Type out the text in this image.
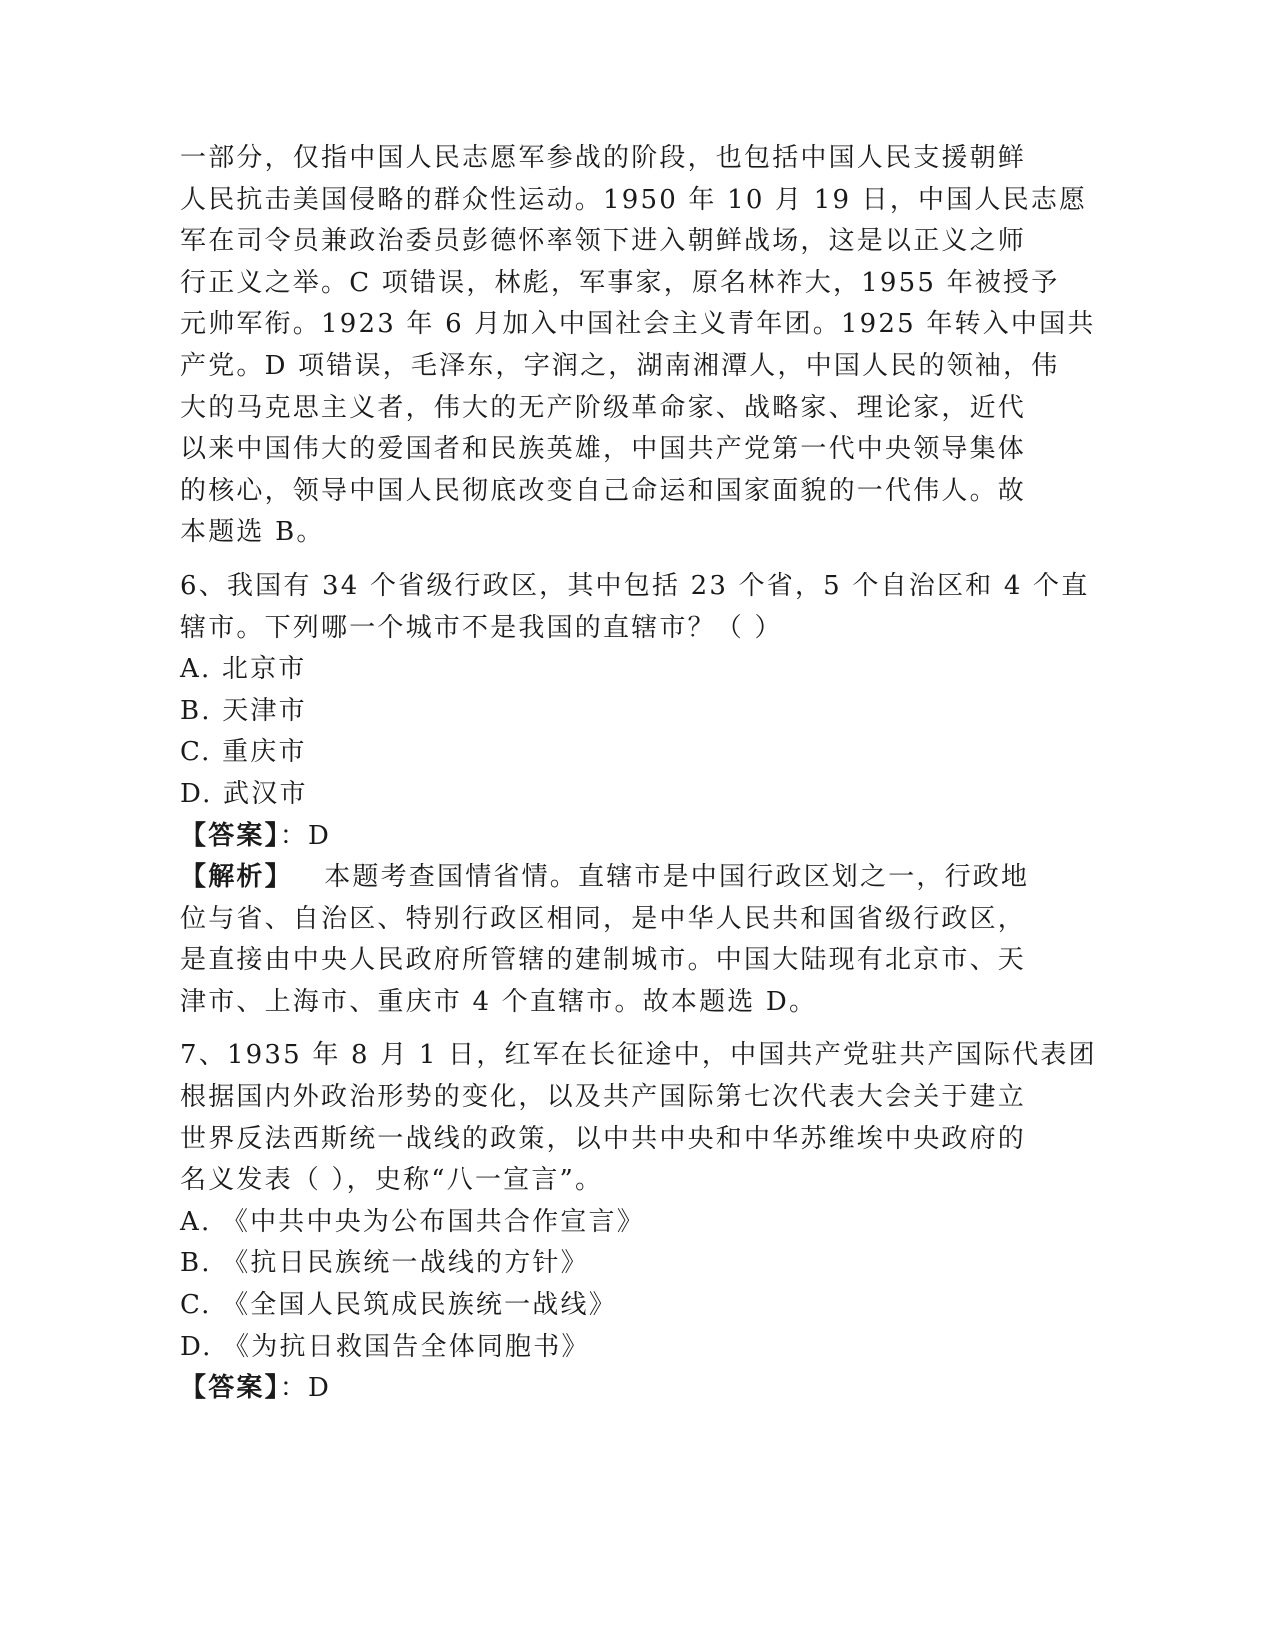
一部分，仅指中国人民志愿军参战的阶段，也包括中国人民支援朝鲜
人民抗击美国侵略的群众性运动。1950 年 10 月 19 日，中国人民志愿
军在司令员兼政治委员彭德怀率领下进入朝鲜战场，这是以正义之师
行正义之举。C 项错误，林彪，军事家，原名林祚大，1955 年被授予
元帅军衔。1923 年 6 月加入中国社会主义青年团。1925 年转入中国共
产党。D 项错误，毛泽东，字润之，湖南湘潭人，中国人民的领袖，伟
大的马克思主义者，伟大的无产阶级革命家、战略家、理论家，近代
以来中国伟大的爱国者和民族英雄，中国共产党第一代中央领导集体
的核心，领导中国人民彻底改变自己命运和国家面貌的一代伟人。故
本题选 B。
6、我国有 34 个省级行政区，其中包括 23 个省，5 个自治区和 4 个直
辖市。下列哪一个城市不是我国的直辖市？（ ）
A. 北京市
B. 天津市
C. 重庆市
D. 武汉市
【答案】：D
【解析】   本题考查国情省情。直辖市是中国行政区划之一，行政地
位与省、自治区、特别行政区相同，是中华人民共和国省级行政区，
是直接由中央人民政府所管辖的建制城市。中国大陆现有北京市、天
津市、上海市、重庆市 4 个直辖市。故本题选 D。
7、1935 年 8 月 1 日，红军在长征途中，中国共产党驻共产国际代表团
根据国内外政治形势的变化，以及共产国际第七次代表大会关于建立
世界反法西斯统一战线的政策，以中共中央和中华苏维埃中央政府的
名义发表（ ），史称“八一宣言”。
A. 《中共中央为公布国共合作宣言》
B. 《抗日民族统一战线的方针》
C. 《全国人民筑成民族统一战线》
D. 《为抗日救国告全体同胞书》
【答案】：D
